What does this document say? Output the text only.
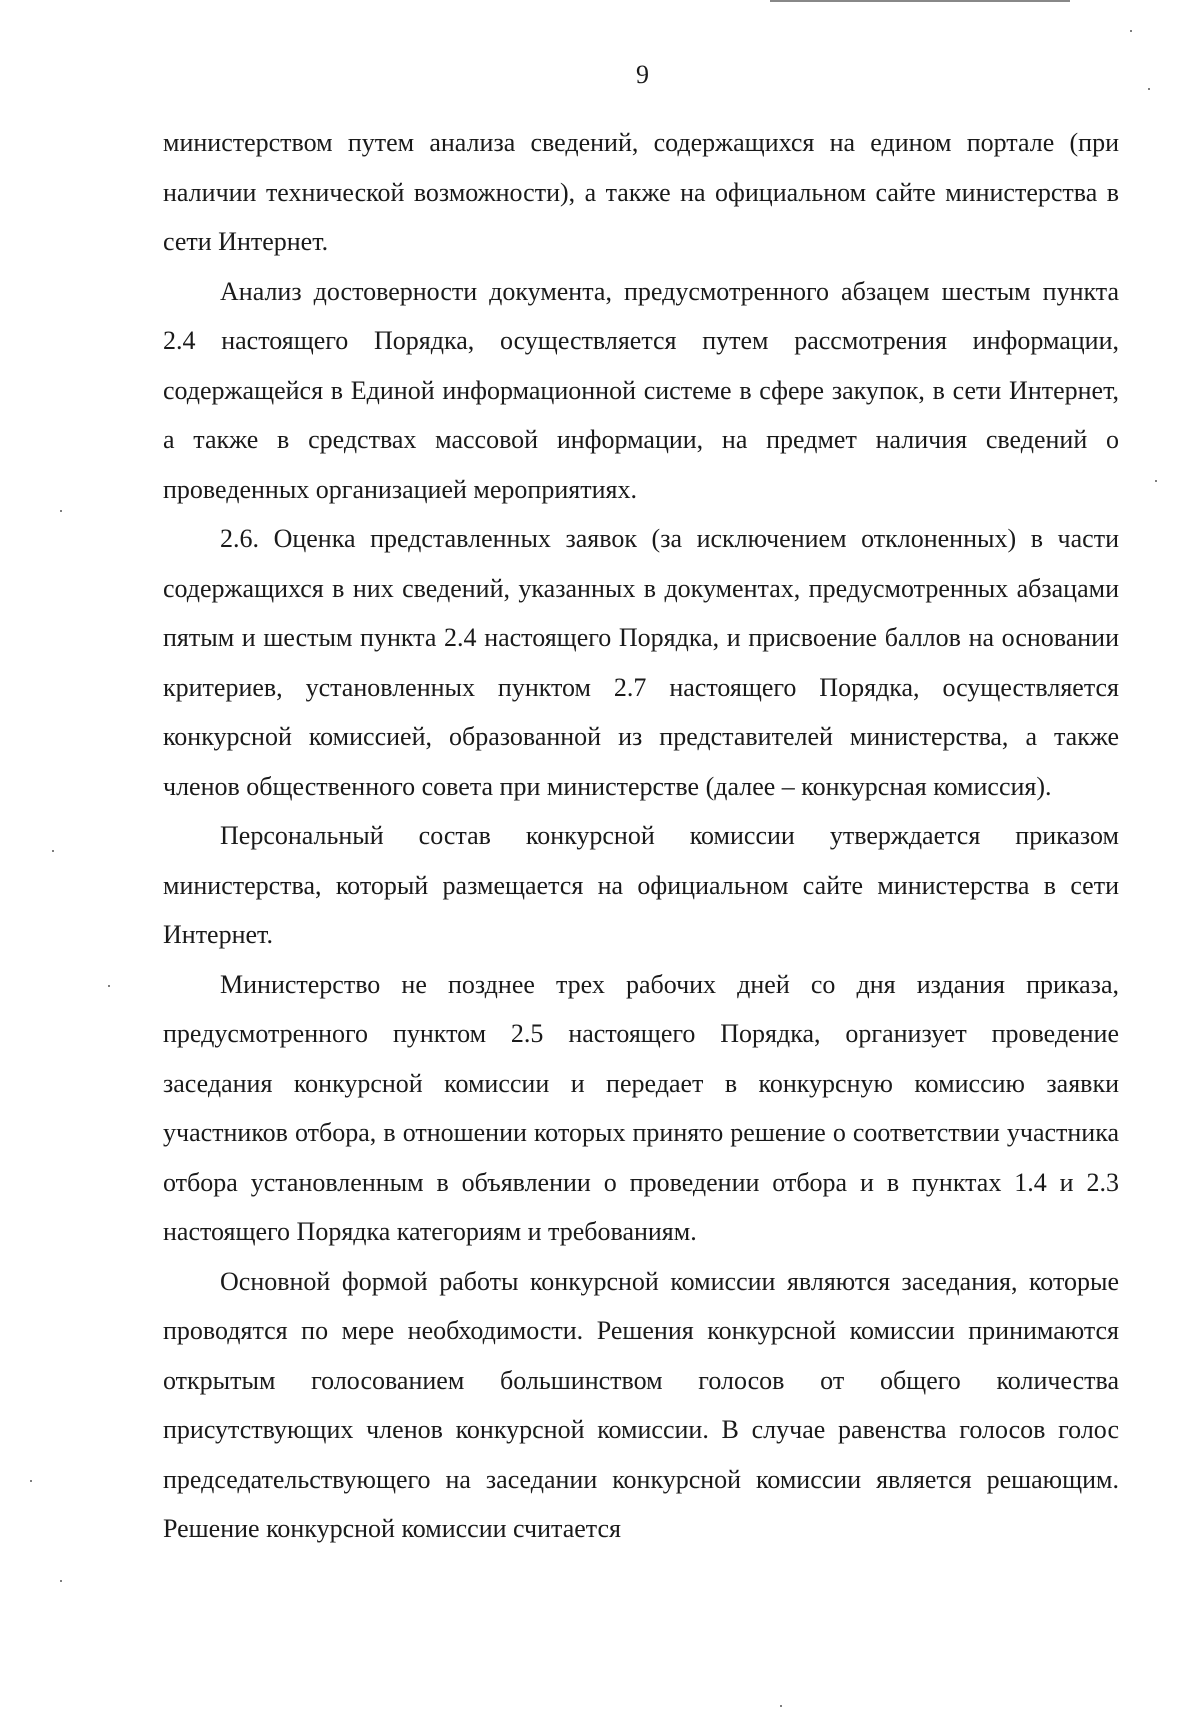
9

министерством путем анализа сведений, содержащихся на едином портале (при наличии технической возможности), а также на официальном сайте министерства в сети Интернет.

Анализ достоверности документа, предусмотренного абзацем шестым пункта 2.4 настоящего Порядка, осуществляется путем рассмотрения информации, содержащейся в Единой информационной системе в сфере закупок, в сети Интернет, а также в средствах массовой информации, на предмет наличия сведений о проведенных организацией мероприятиях.

2.6. Оценка представленных заявок (за исключением отклоненных) в части содержащихся в них сведений, указанных в документах, предусмотренных абзацами пятым и шестым пункта 2.4 настоящего Порядка, и присвоение баллов на основании критериев, установленных пунктом 2.7 настоящего Порядка, осуществляется конкурсной комиссией, образованной из представителей министерства, а также членов общественного совета при министерстве (далее – конкурсная комиссия).

Персональный состав конкурсной комиссии утверждается приказом министерства, который размещается на официальном сайте министерства в сети Интернет.

Министерство не позднее трех рабочих дней со дня издания приказа, предусмотренного пунктом 2.5 настоящего Порядка, организует проведение заседания конкурсной комиссии и передает в конкурсную комиссию заявки участников отбора, в отношении которых принято решение о соответствии участника отбора установленным в объявлении о проведении отбора и в пунктах 1.4 и 2.3 настоящего Порядка категориям и требованиям.

Основной формой работы конкурсной комиссии являются заседания, которые проводятся по мере необходимости. Решения конкурсной комиссии принимаются открытым голосованием большинством голосов от общего количества присутствующих членов конкурсной комиссии. В случае равенства голосов голос председательствующего на заседании конкурсной комиссии является решающим. Решение конкурсной комиссии считается
